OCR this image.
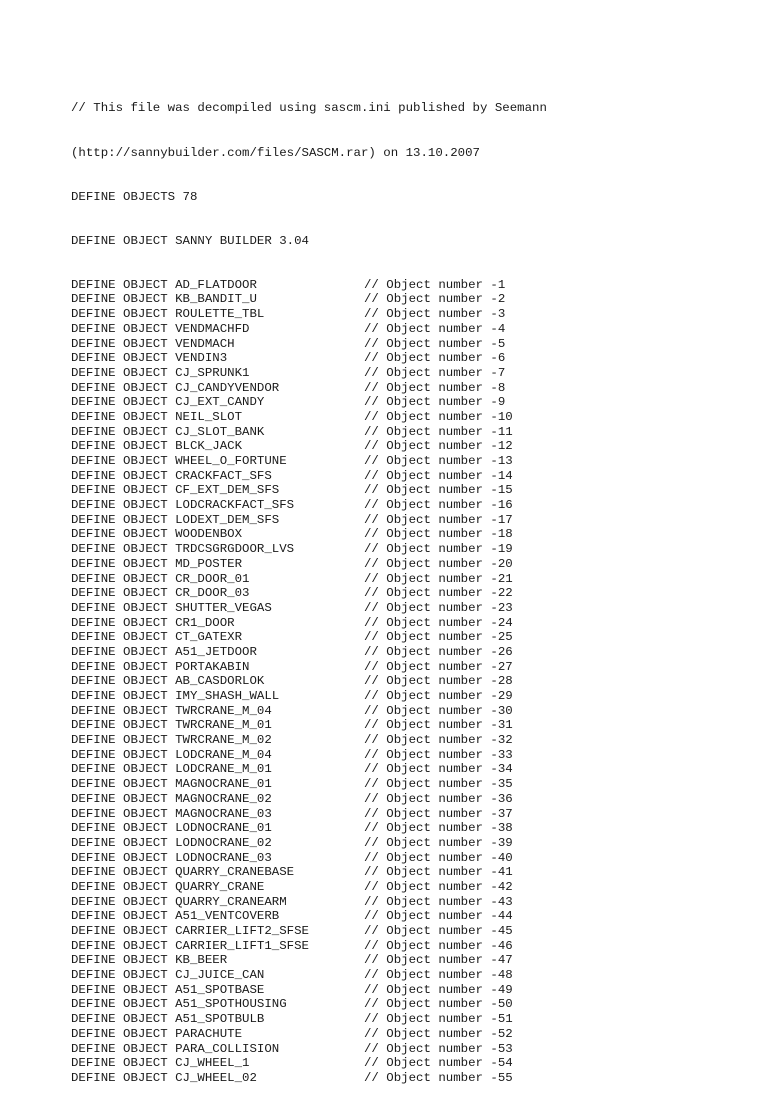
// This file was decompiled using sascm.ini published by Seemann

(http://sannybuilder.com/files/SASCM.rar) on 13.10.2007

DEFINE OBJECTS 78

DEFINE OBJECT SANNY BUILDER 3.04

DEFINE OBJECT AD_FLATDOOR	// Object number -1
DEFINE OBJECT KB_BANDIT_U	// Object number -2
DEFINE OBJECT ROULETTE_TBL	// Object number -3
DEFINE OBJECT VENDMACHFD	// Object number -4
DEFINE OBJECT VENDMACH	// Object number -5
DEFINE OBJECT VENDIN3	// Object number -6
DEFINE OBJECT CJ_SPRUNK1	// Object number -7
DEFINE OBJECT CJ_CANDYVENDOR	// Object number -8
DEFINE OBJECT CJ_EXT_CANDY	// Object number -9
DEFINE OBJECT NEIL_SLOT	// Object number -10
DEFINE OBJECT CJ_SLOT_BANK	// Object number -11
DEFINE OBJECT BLCK_JACK	// Object number -12
DEFINE OBJECT WHEEL_O_FORTUNE	// Object number -13
DEFINE OBJECT CRACKFACT_SFS	// Object number -14
DEFINE OBJECT CF_EXT_DEM_SFS	// Object number -15
DEFINE OBJECT LODCRACKFACT_SFS	// Object number -16
DEFINE OBJECT LODEXT_DEM_SFS	// Object number -17
DEFINE OBJECT WOODENBOX	// Object number -18
DEFINE OBJECT TRDCSGRGDOOR_LVS	// Object number -19
DEFINE OBJECT MD_POSTER	// Object number -20
DEFINE OBJECT CR_DOOR_01	// Object number -21
DEFINE OBJECT CR_DOOR_03	// Object number -22
DEFINE OBJECT SHUTTER_VEGAS	// Object number -23
DEFINE OBJECT CR1_DOOR	// Object number -24
DEFINE OBJECT CT_GATEXR	// Object number -25
DEFINE OBJECT A51_JETDOOR	// Object number -26
DEFINE OBJECT PORTAKABIN	// Object number -27
DEFINE OBJECT AB_CASDORLOK	// Object number -28
DEFINE OBJECT IMY_SHASH_WALL	// Object number -29
DEFINE OBJECT TWRCRANE_M_04	// Object number -30
DEFINE OBJECT TWRCRANE_M_01	// Object number -31
DEFINE OBJECT TWRCRANE_M_02	// Object number -32
DEFINE OBJECT LODCRANE_M_04	// Object number -33
DEFINE OBJECT LODCRANE_M_01	// Object number -34
DEFINE OBJECT MAGNOCRANE_01	// Object number -35
DEFINE OBJECT MAGNOCRANE_02	// Object number -36
DEFINE OBJECT MAGNOCRANE_03	// Object number -37
DEFINE OBJECT LODNOCRANE_01	// Object number -38
DEFINE OBJECT LODNOCRANE_02	// Object number -39
DEFINE OBJECT LODNOCRANE_03	// Object number -40
DEFINE OBJECT QUARRY_CRANEBASE	// Object number -41
DEFINE OBJECT QUARRY_CRANE	// Object number -42
DEFINE OBJECT QUARRY_CRANEARM	// Object number -43
DEFINE OBJECT A51_VENTCOVERB	// Object number -44
DEFINE OBJECT CARRIER_LIFT2_SFSE	// Object number -45
DEFINE OBJECT CARRIER_LIFT1_SFSE	// Object number -46
DEFINE OBJECT KB_BEER	// Object number -47
DEFINE OBJECT CJ_JUICE_CAN	// Object number -48
DEFINE OBJECT A51_SPOTBASE	// Object number -49
DEFINE OBJECT A51_SPOTHOUSING	// Object number -50
DEFINE OBJECT A51_SPOTBULB	// Object number -51
DEFINE OBJECT PARACHUTE	// Object number -52
DEFINE OBJECT PARA_COLLISION	// Object number -53
DEFINE OBJECT CJ_WHEEL_1	// Object number -54
DEFINE OBJECT CJ_WHEEL_02	// Object number -55
